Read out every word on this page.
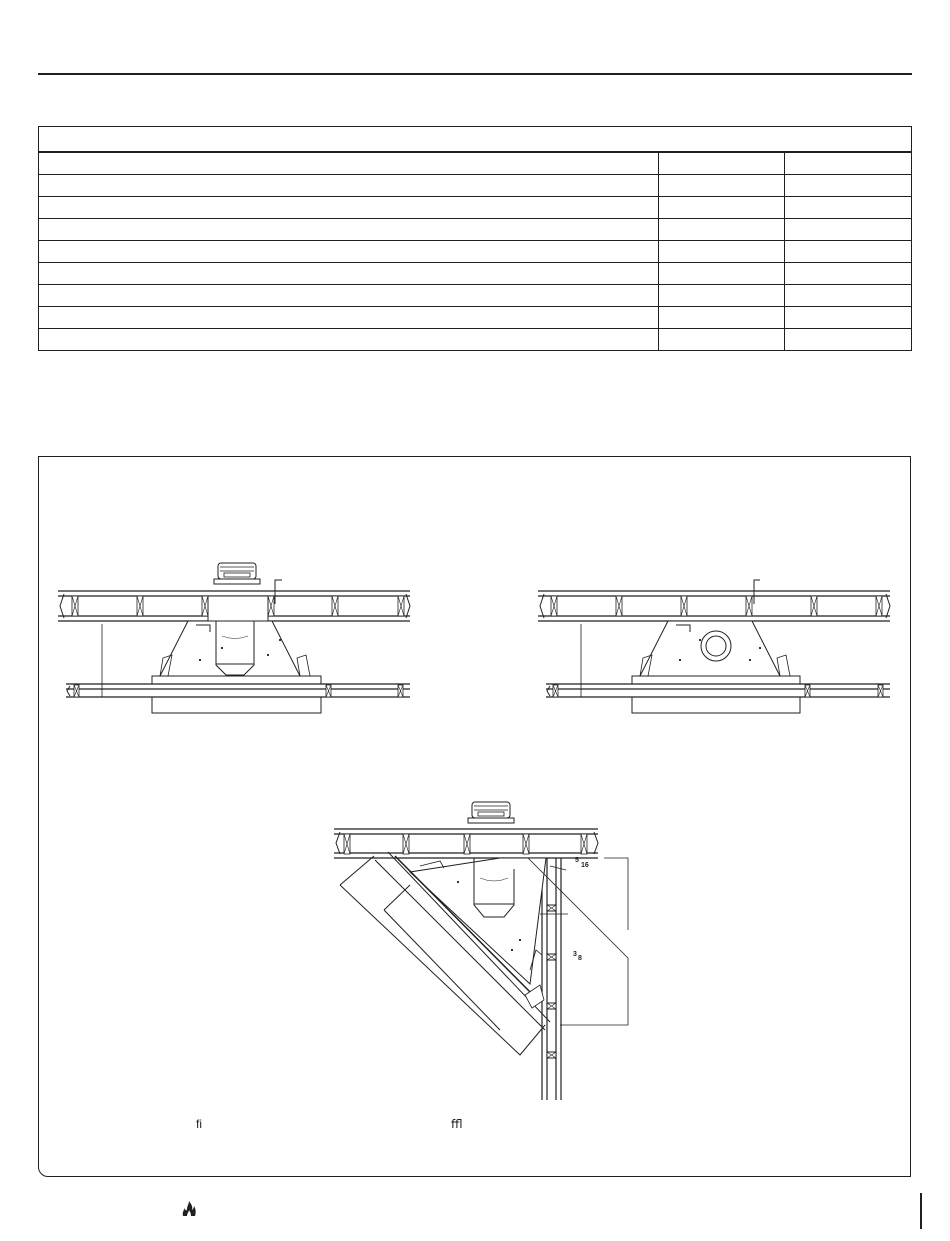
5
16
3
8
ﬁ	ﬄ
